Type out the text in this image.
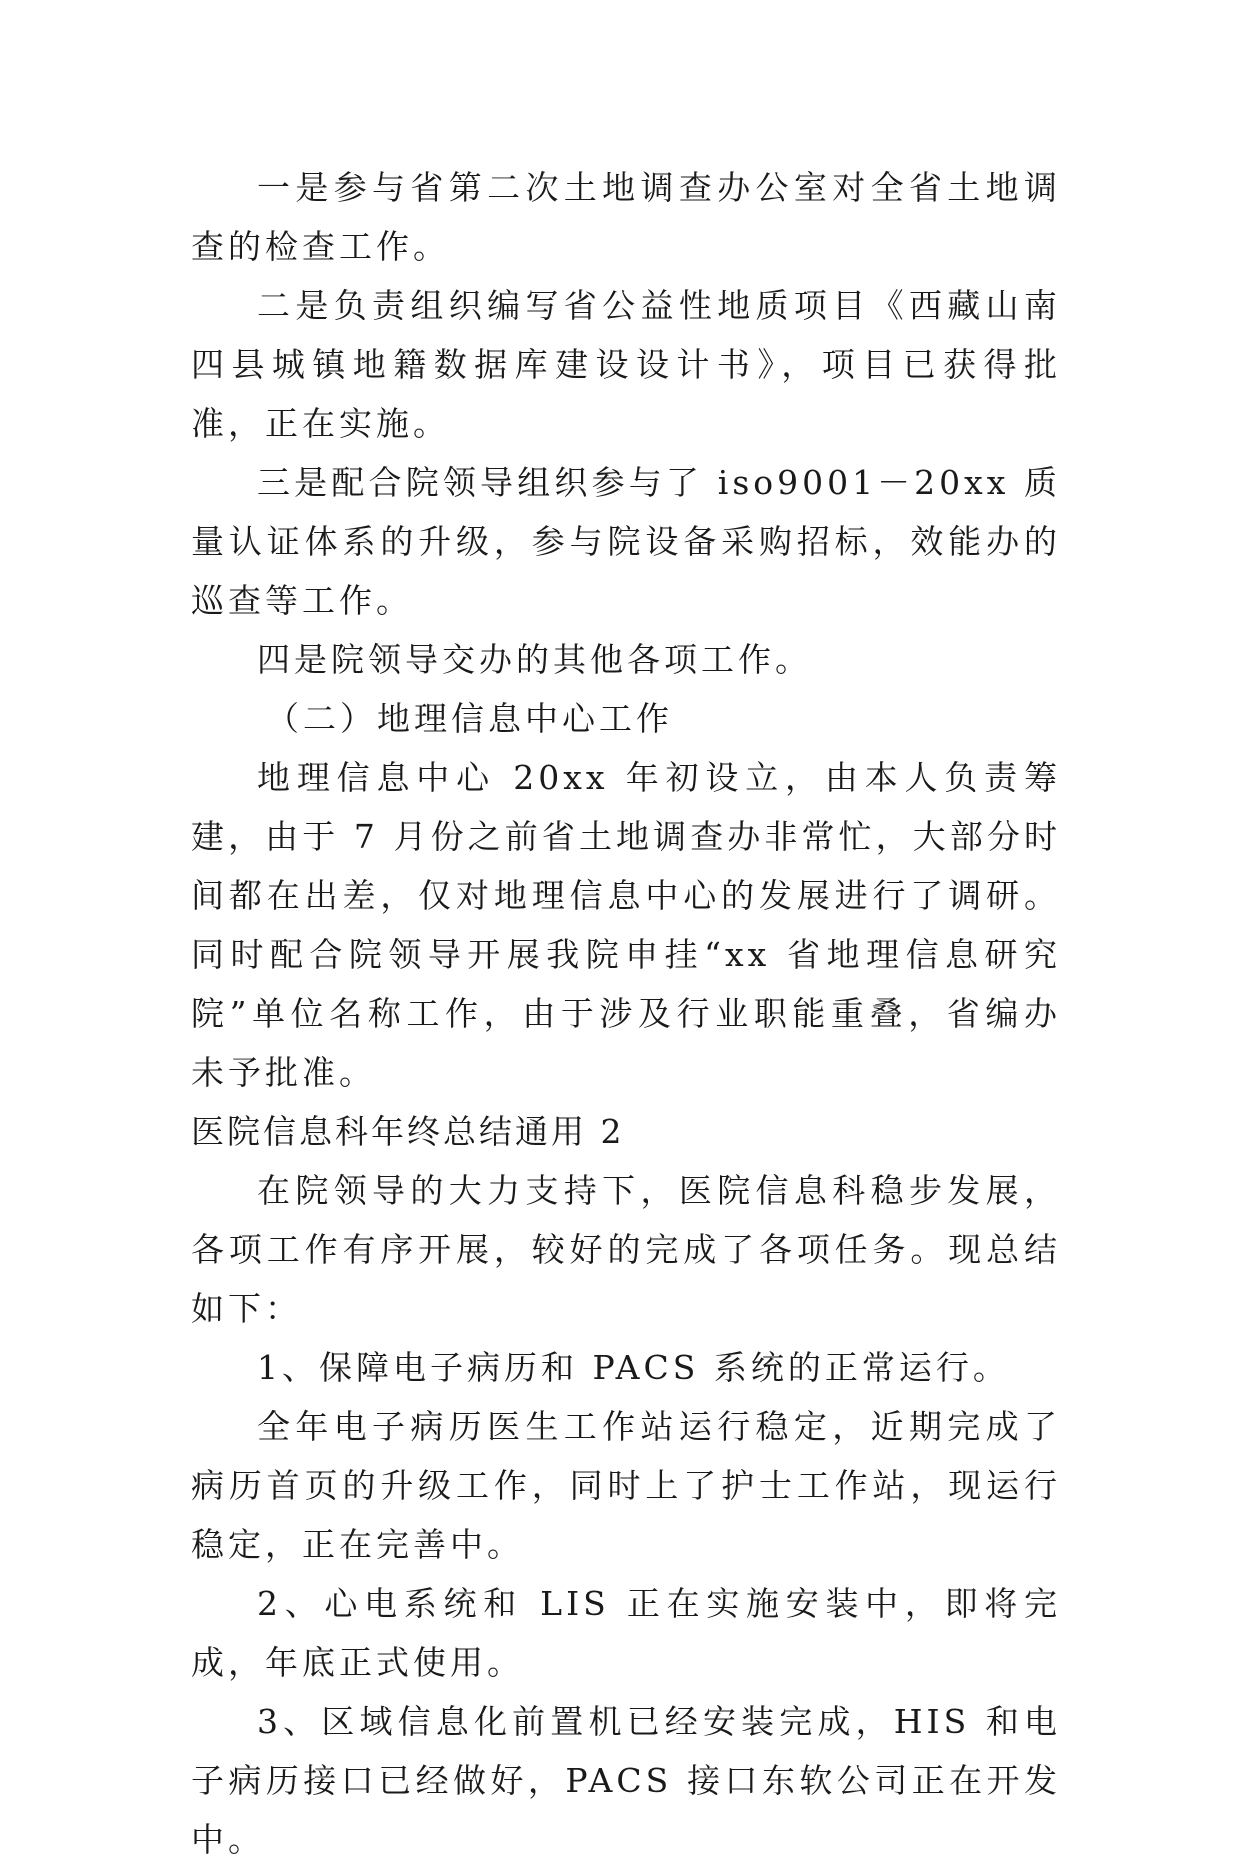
一是参与省第二次土地调查办公室对全省土地调查的检查工作。

二是负责组织编写省公益性地质项目《西藏山南四县城镇地籍数据库建设设计书》，项目已获得批准，正在实施。

三是配合院领导组织参与了 iso9001－20xx 质量认证体系的升级，参与院设备采购招标，效能办的巡查等工作。

四是院领导交办的其他各项工作。

（二）地理信息中心工作

地理信息中心 20xx 年初设立，由本人负责筹建，由于 7 月份之前省土地调查办非常忙，大部分时间都在出差，仅对地理信息中心的发展进行了调研。同时配合院领导开展我院申挂“xx 省地理信息研究院”单位名称工作，由于涉及行业职能重叠，省编办未予批准。

医院信息科年终总结通用 2

在院领导的大力支持下，医院信息科稳步发展，各项工作有序开展，较好的完成了各项任务。现总结如下：

1、保障电子病历和 PACS 系统的正常运行。

全年电子病历医生工作站运行稳定，近期完成了病历首页的升级工作，同时上了护士工作站，现运行稳定，正在完善中。

2、心电系统和 LIS 正在实施安装中，即将完成，年底正式使用。

3、区域信息化前置机已经安装完成，HIS 和电子病历接口已经做好，PACS 接口东软公司正在开发中。
